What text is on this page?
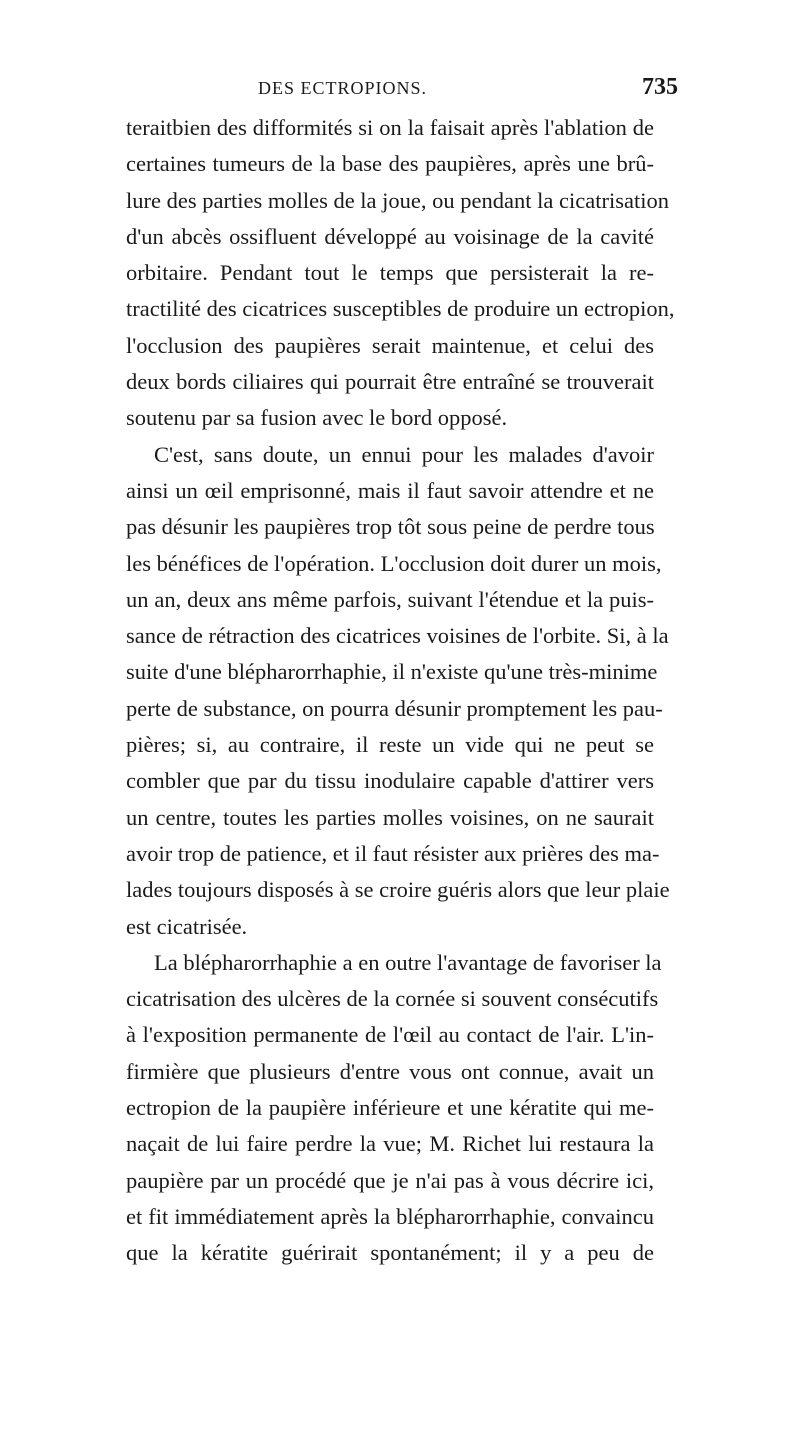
DES ECTROPIONS.	735
teraitbien des difformités si on la faisait après l'ablation de
certaines tumeurs de la base des paupières, après une brû-
lure des parties molles de la joue, ou pendant la cicatrisation
d'un abcès ossifluent développé au voisinage de la cavité
orbitaire. Pendant tout le temps que persisterait la re-
tractilité des cicatrices susceptibles de produire un ectropion,
l'occlusion des paupières serait maintenue, et celui des
deux bords ciliaires qui pourrait être entraîné se trouverait
soutenu par sa fusion avec le bord opposé.
C'est, sans doute, un ennui pour les malades d'avoir
ainsi un œil emprisonné, mais il faut savoir attendre et ne
pas désunir les paupières trop tôt sous peine de perdre tous
les bénéfices de l'opération. L'occlusion doit durer un mois,
un an, deux ans même parfois, suivant l'étendue et la puis-
sance de rétraction des cicatrices voisines de l'orbite. Si, à la
suite d'une blépharorrhaphie, il n'existe qu'une très-minime
perte de substance, on pourra désunir promptement les pau-
pières; si, au contraire, il reste un vide qui ne peut se
combler que par du tissu inodulaire capable d'attirer vers
un centre, toutes les parties molles voisines, on ne saurait
avoir trop de patience, et il faut résister aux prières des ma-
lades toujours disposés à se croire guéris alors que leur plaie
est cicatrisée.
La blépharorrhaphie a en outre l'avantage de favoriser la
cicatrisation des ulcères de la cornée si souvent consécutifs
à l'exposition permanente de l'œil au contact de l'air. L'in-
firmière que plusieurs d'entre vous ont connue, avait un
ectropion de la paupière inférieure et une kératite qui me-
naçait de lui faire perdre la vue; M. Richet lui restaura la
paupière par un procédé que je n'ai pas à vous décrire ici,
et fit immédiatement après la blépharorrhaphie, convaincu
que la kératite guérirait spontanément; il y a peu de
